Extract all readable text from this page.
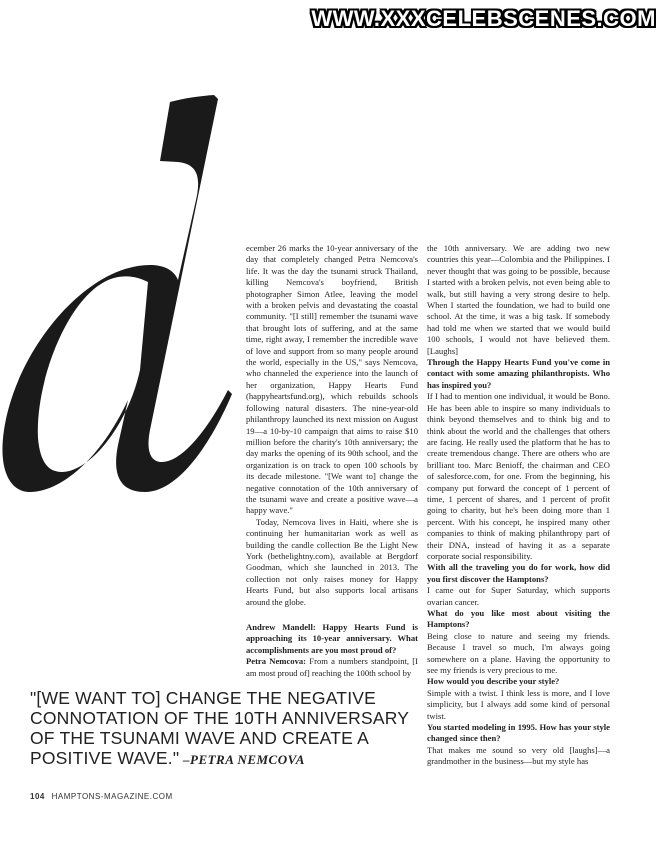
WWW.XXXCELEBSCENES.COM

ecember 26 marks the 10-year anniversary of the day that completely changed Petra Nemcova's life. It was the day the tsunami struck Thailand, killing Nemcova's boyfriend, British photographer Simon Atlee, leaving the model with a broken pelvis and devastating the coastal community. "[I still] remember the tsunami wave that brought lots of suffering, and at the same time, right away, I remember the incredible wave of love and support from so many people around the world, especially in the US," says Nemcova, who channeled the experience into the launch of her organization, Happy Hearts Fund (happyheartsfund.org), which rebuilds schools following natural disasters. The nine-year-old philanthropy launched its next mission on August 19—a 10-by-10 campaign that aims to raise $10 million before the charity's 10th anniversary; the day marks the opening of its 90th school, and the organization is on track to open 100 schools by its decade milestone. "[We want to] change the negative connotation of the 10th anniversary of the tsunami wave and create a positive wave—a happy wave."

Today, Nemcova lives in Haiti, where she is continuing her humanitarian work as well as building the candle collection Be the Light New York (bethelightny.com), available at Bergdorf Goodman, which she launched in 2013. The collection not only raises money for Happy Hearts Fund, but also supports local artisans around the globe.

Andrew Mandell: Happy Hearts Fund is approaching its 10-year anniversary. What accomplishments are you most proud of?

Petra Nemcova: From a numbers standpoint, [I am most proud of] reaching the 100th school by

the 10th anniversary. We are adding two new countries this year—Colombia and the Philippines. I never thought that was going to be possible, because I started with a broken pelvis, not even being able to walk, but still having a very strong desire to help. When I started the foundation, we had to build one school. At the time, it was a big task. If somebody had told me when we started that we would build 100 schools, I would not have believed them. [Laughs]

Through the Happy Hearts Fund you've come in contact with some amazing philanthropists. Who has inspired you?

If I had to mention one individual, it would be Bono. He has been able to inspire so many individuals to think beyond themselves and to think big and to think about the world and the challenges that others are facing. He really used the platform that he has to create tremendous change. There are others who are brilliant too. Marc Benioff, the chairman and CEO of salesforce.com, for one. From the beginning, his company put forward the concept of 1 percent of time, 1 percent of shares, and 1 percent of profit going to charity, but he's been doing more than 1 percent. With his concept, he inspired many other companies to think of making philanthropy part of their DNA, instead of having it as a separate corporate social responsibility.

With all the traveling you do for work, how did you first discover the Hamptons?

I came out for Super Saturday, which supports ovarian cancer.

What do you like most about visiting the Hamptons?

Being close to nature and seeing my friends. Because I travel so much, I'm always going somewhere on a plane. Having the opportunity to see my friends is very precious to me.

How would you describe your style?

Simple with a twist. I think less is more, and I love simplicity, but I always add some kind of personal twist.

You started modeling in 1995. How has your style changed since then?

That makes me sound so very old [laughs]—a grandmother in the business—but my style has

"[WE WANT TO] CHANGE THE NEGATIVE CONNOTATION OF THE 10TH ANNIVERSARY OF THE TSUNAMI WAVE AND CREATE A POSITIVE WAVE." –PETRA NEMCOVA
104 HAMPTONS-MAGAZINE.COM
